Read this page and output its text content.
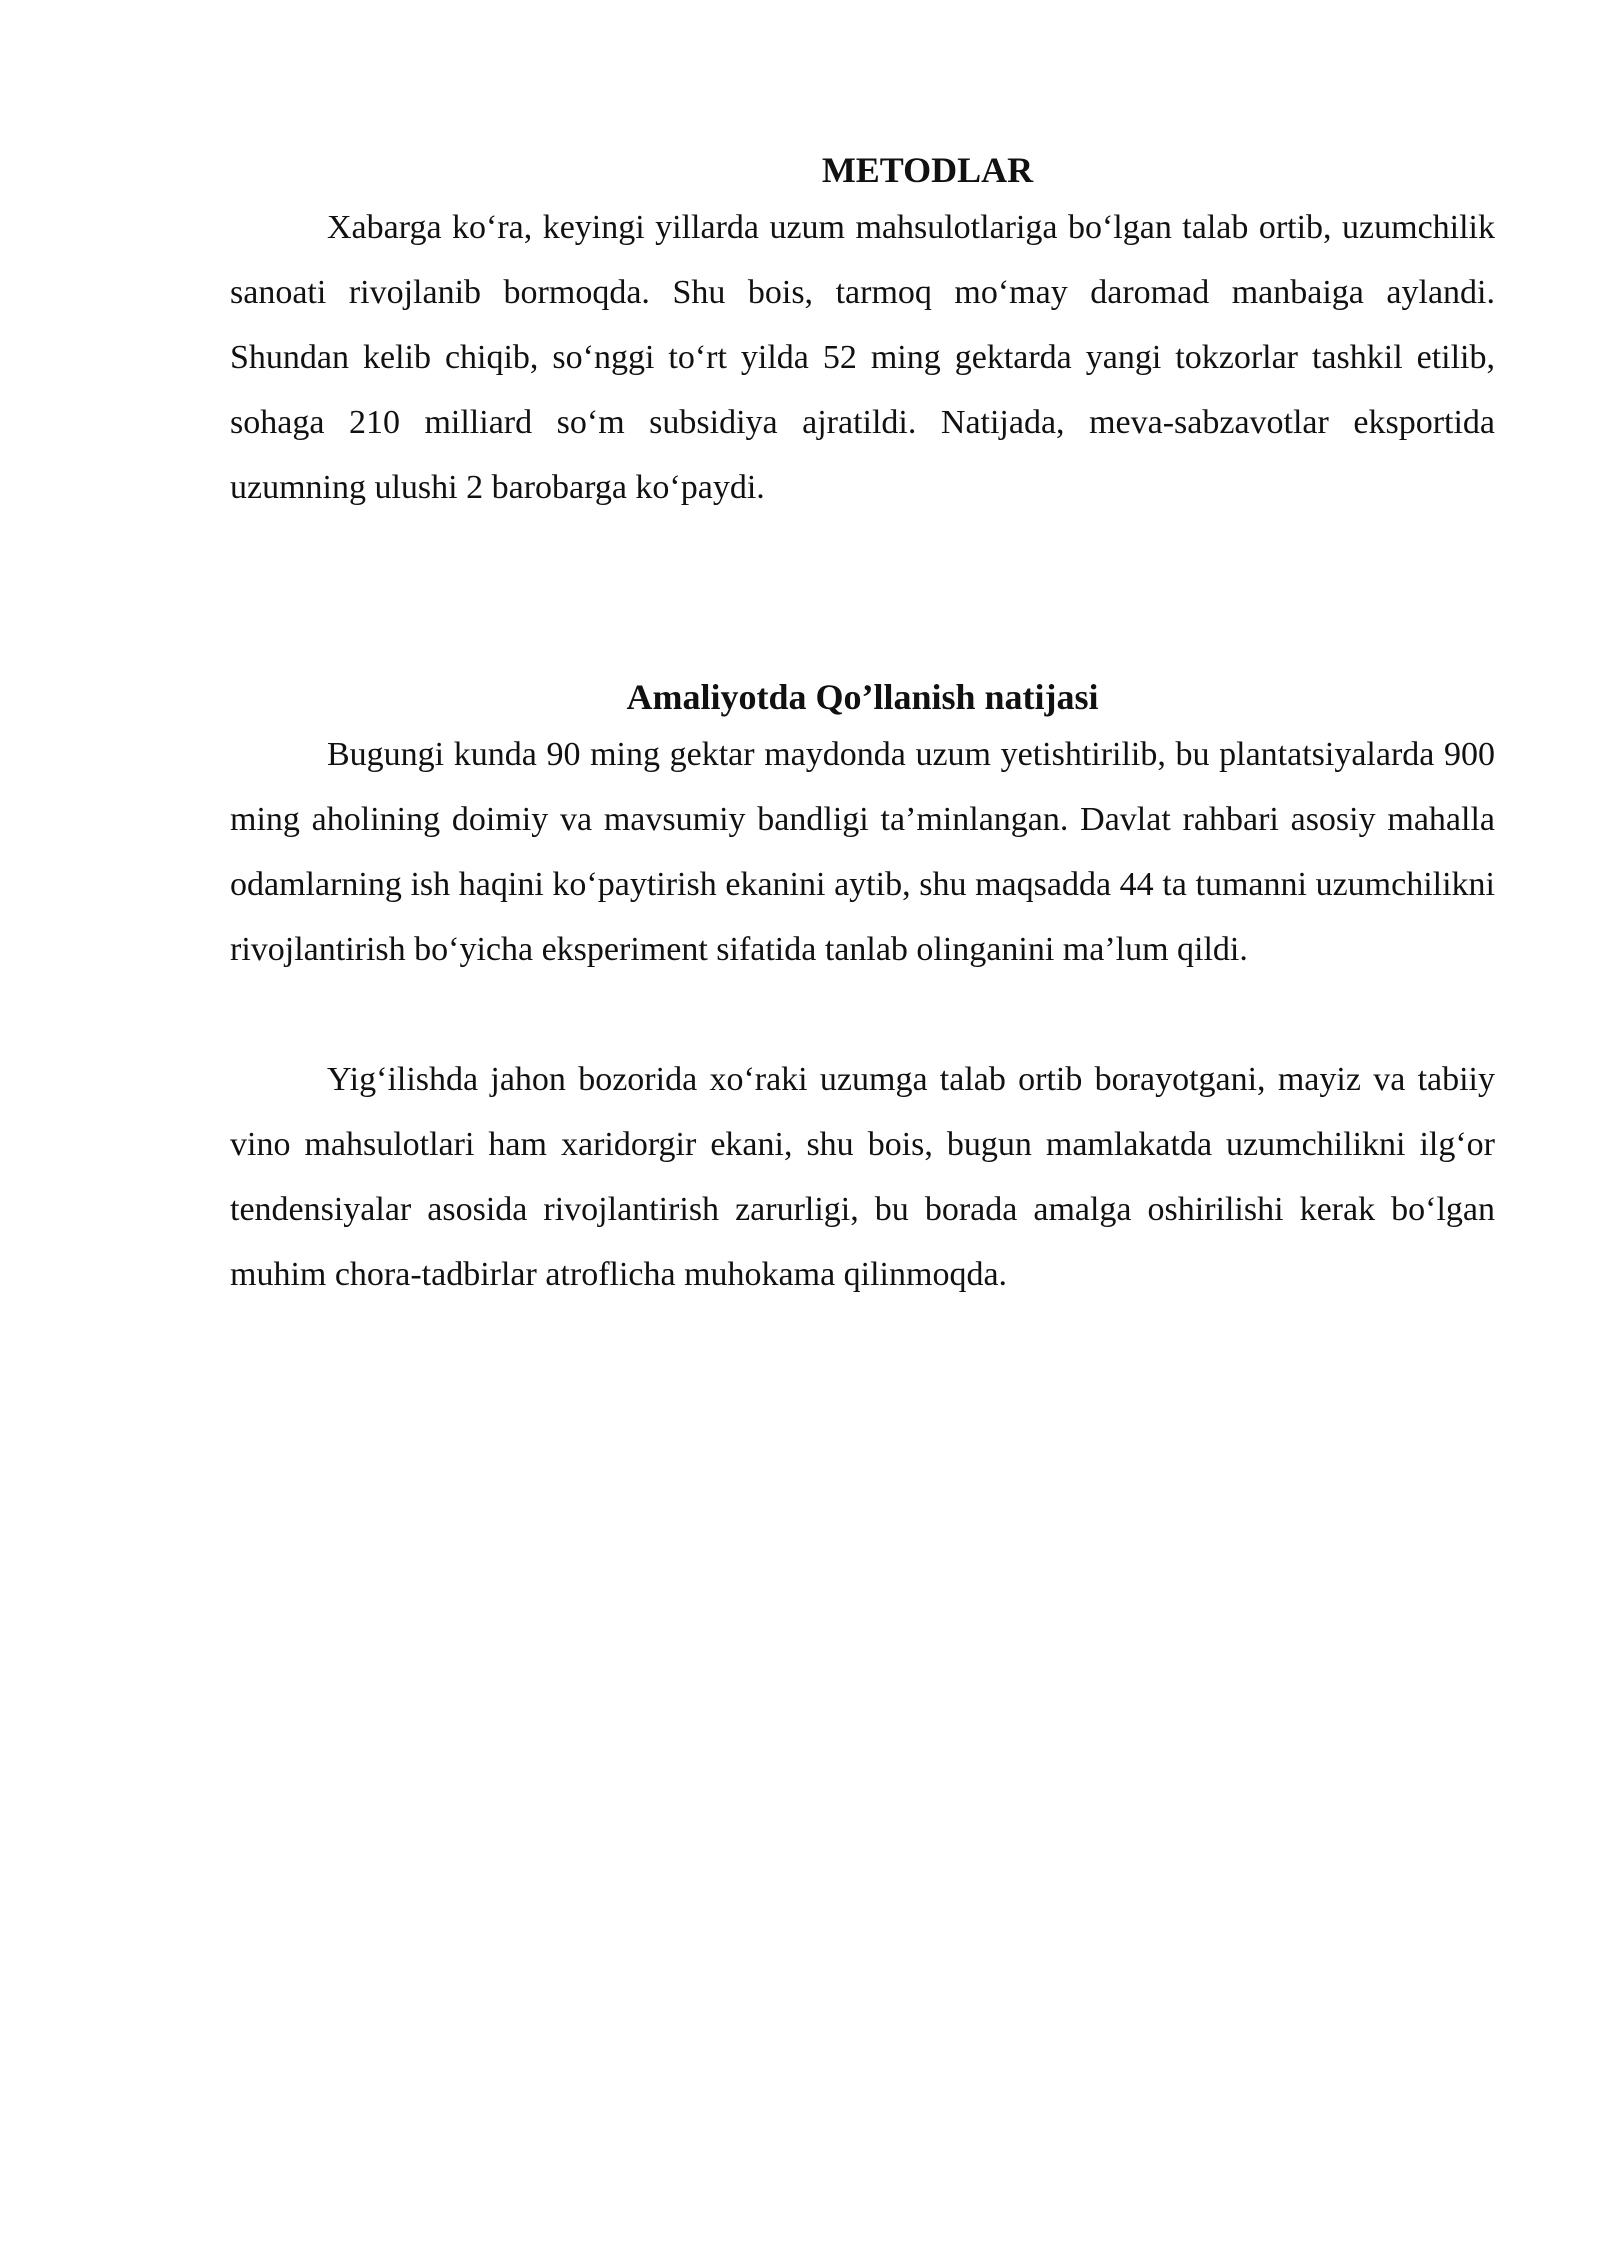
METODLAR

Xabarga ko‘ra, keyingi yillarda uzum mahsulotlariga bo‘lgan talab ortib, uzumchilik sanoati rivojlanib bormoqda. Shu bois, tarmoq mo‘may daromad manbaiga aylandi. Shundan kelib chiqib, so‘nggi to‘rt yilda 52 ming gektarda yangi tokzorlar tashkil etilib, sohaga 210 milliard so‘m subsidiya ajratildi. Natijada, meva-sabzavotlar eksportida uzumning ulushi 2 barobarga ko‘paydi.

Amaliyotda Qo’llanish natijasi

Bugungi kunda 90 ming gektar maydonda uzum yetishtirilib, bu plantatsiyalarda 900 ming aholining doimiy va mavsumiy bandligi ta’minlangan. Davlat rahbari asosiy mahalla odamlarning ish haqini ko‘paytirish ekanini aytib, shu maqsadda 44 ta tumanni uzumchilikni rivojlantirish bo‘yicha eksperiment sifatida tanlab olinganini ma’lum qildi.

Yig‘ilishda jahon bozorida xo‘raki uzumga talab ortib borayotgani, mayiz va tabiiy vino mahsulotlari ham xaridorgir ekani, shu bois, bugun mamlakatda uzumchilikni ilg‘or tendensiyalar asosida rivojlantirish zarurligi, bu borada amalga oshirilishi kerak bo‘lgan muhim chora-tadbirlar atroflicha muhokama qilinmoqda.
